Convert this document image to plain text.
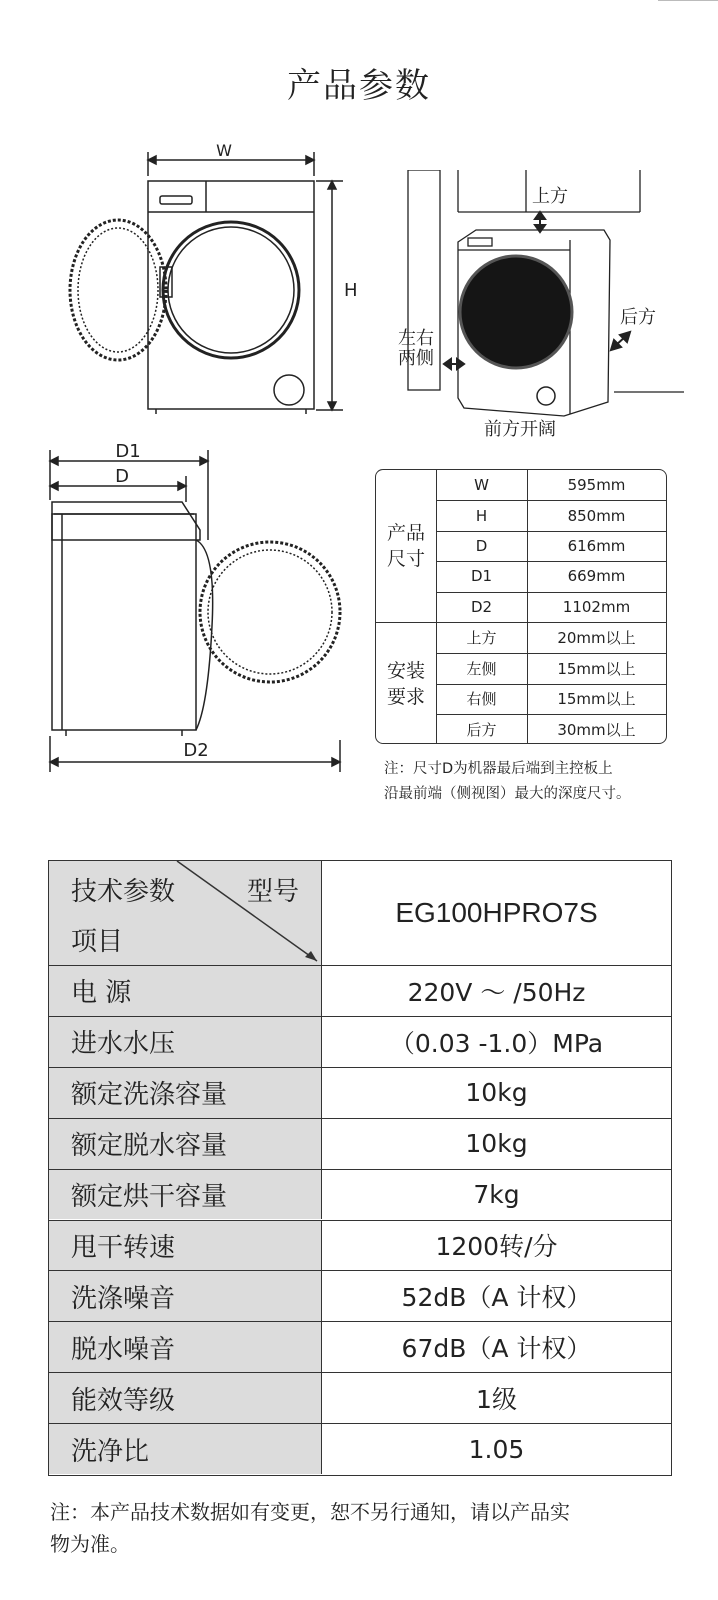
产品参数
W
H
上方
后方
左右
两侧
前方开阔
D1
D
D2
产品
尺寸
安装
要求
W	595mm
H	850mm
D	616mm
D1	669mm
D2	1102mm
上方	20mm以上
左侧	15mm以上
右侧	15mm以上
后方	30mm以上
注：尺寸D为机器最后端到主控板上
沿最前端（侧视图）最大的深度尺寸。
技术参数	型号
项目
EG100HPRO7S
电 源	220V ～ /50Hz
进水水压	（0.03 -1.0）MPa
额定洗涤容量	10kg
额定脱水容量	10kg
额定烘干容量	7kg
甩干转速	1200转/分
洗涤噪音	52dB（A 计权）
脱水噪音	67dB（A 计权）
能效等级	1级
洗净比	1.05
注：本产品技术数据如有变更，恕不另行通知，请以产品实
物为准。
